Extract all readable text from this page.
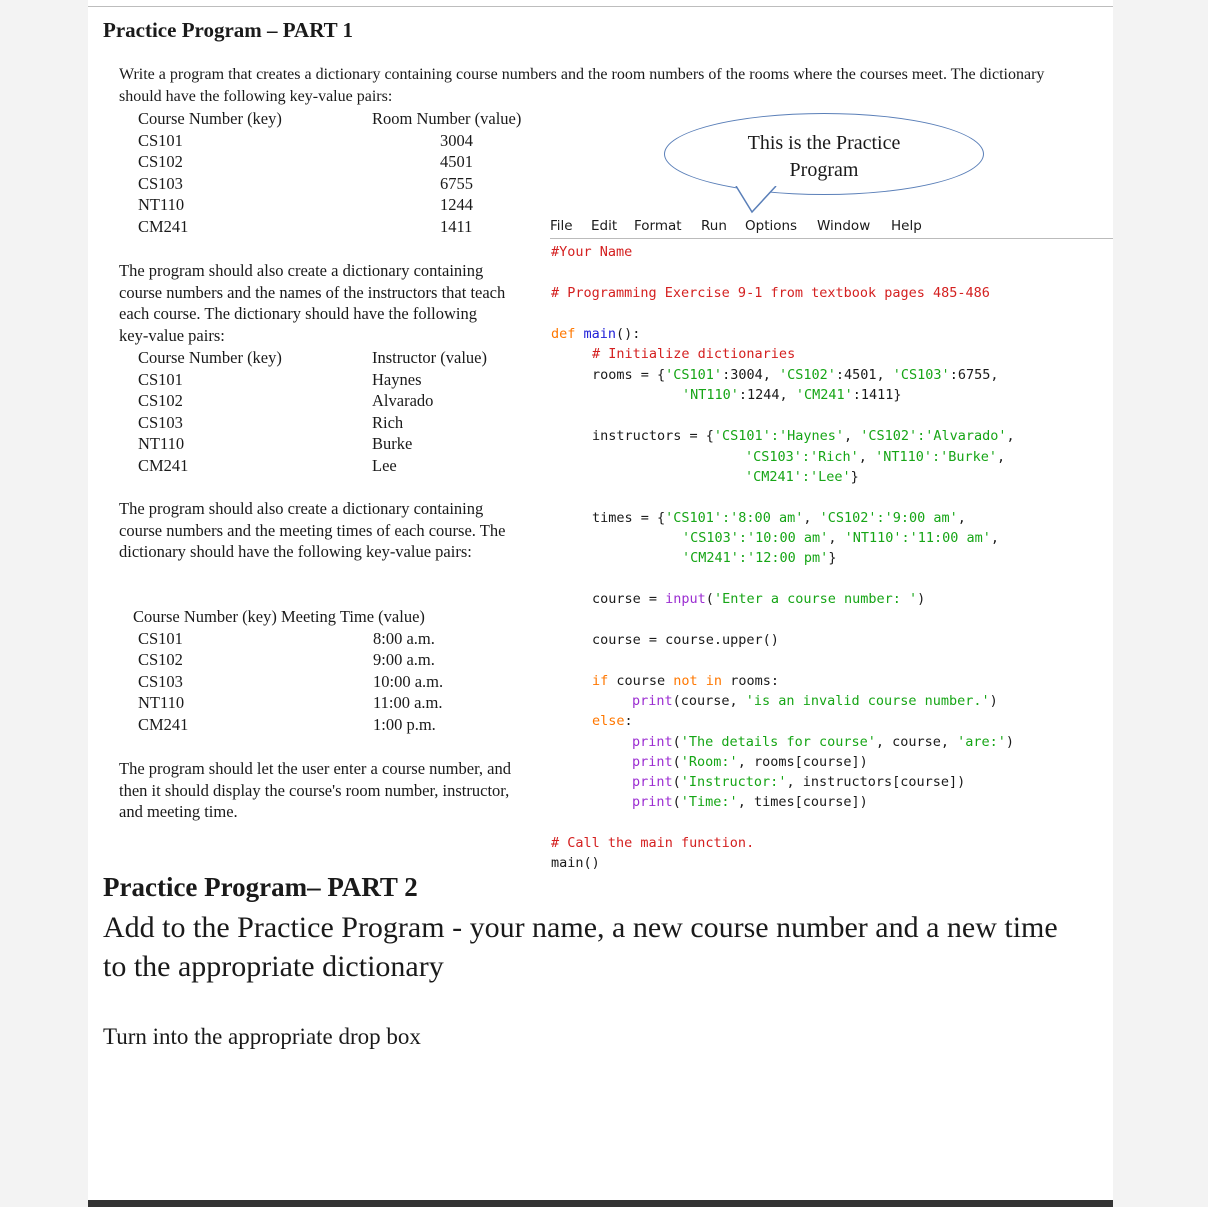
Practice Program – PART 1
Write a program that creates a dictionary containing course numbers and the room numbers of the rooms where the courses meet. The dictionary should have the following key-value pairs:
Course Number (key)	Room Number (value)
CS101	3004
CS102	4501
CS103	6755
NT110	1244
CM241	1411
The program should also create a dictionary containing course numbers and the names of the instructors that teach each course. The dictionary should have the following key-value pairs:
Course Number (key)	Instructor (value)
CS101	Haynes
CS102	Alvarado
CS103	Rich
NT110	Burke
CM241	Lee
The program should also create a dictionary containing course numbers and the meeting times of each course. The dictionary should have the following key-value pairs:
Course Number (key) Meeting Time (value)
CS101	8:00 a.m.
CS102	9:00 a.m.
CS103	10:00 a.m.
NT110	11:00 a.m.
CM241	1:00 p.m.
The program should let the user enter a course number, and then it should display the course's room number, instructor, and meeting time.
This is the Practice
Program
File Edit Format Run Options Window Help
#Your Name
# Programming Exercise 9-1 from textbook pages 485-486
def main():
# Initialize dictionaries
rooms = {'CS101':3004, 'CS102':4501, 'CS103':6755,
'NT110':1244, 'CM241':1411}
instructors = {'CS101':'Haynes', 'CS102':'Alvarado',
'CS103':'Rich', 'NT110':'Burke',
'CM241':'Lee'}
times = {'CS101':'8:00 am', 'CS102':'9:00 am',
'CS103':'10:00 am', 'NT110':'11:00 am',
'CM241':'12:00 pm'}
course = input('Enter a course number: ')
course = course.upper()
if course not in rooms:
print(course, 'is an invalid course number.')
else:
print('The details for course', course, 'are:')
print('Room:', rooms[course])
print('Instructor:', instructors[course])
print('Time:', times[course])
# Call the main function.
main()
Practice Program– PART 2
Add to the Practice Program - your name, a new course number and a new time to the appropriate dictionary
Turn into the appropriate drop box
